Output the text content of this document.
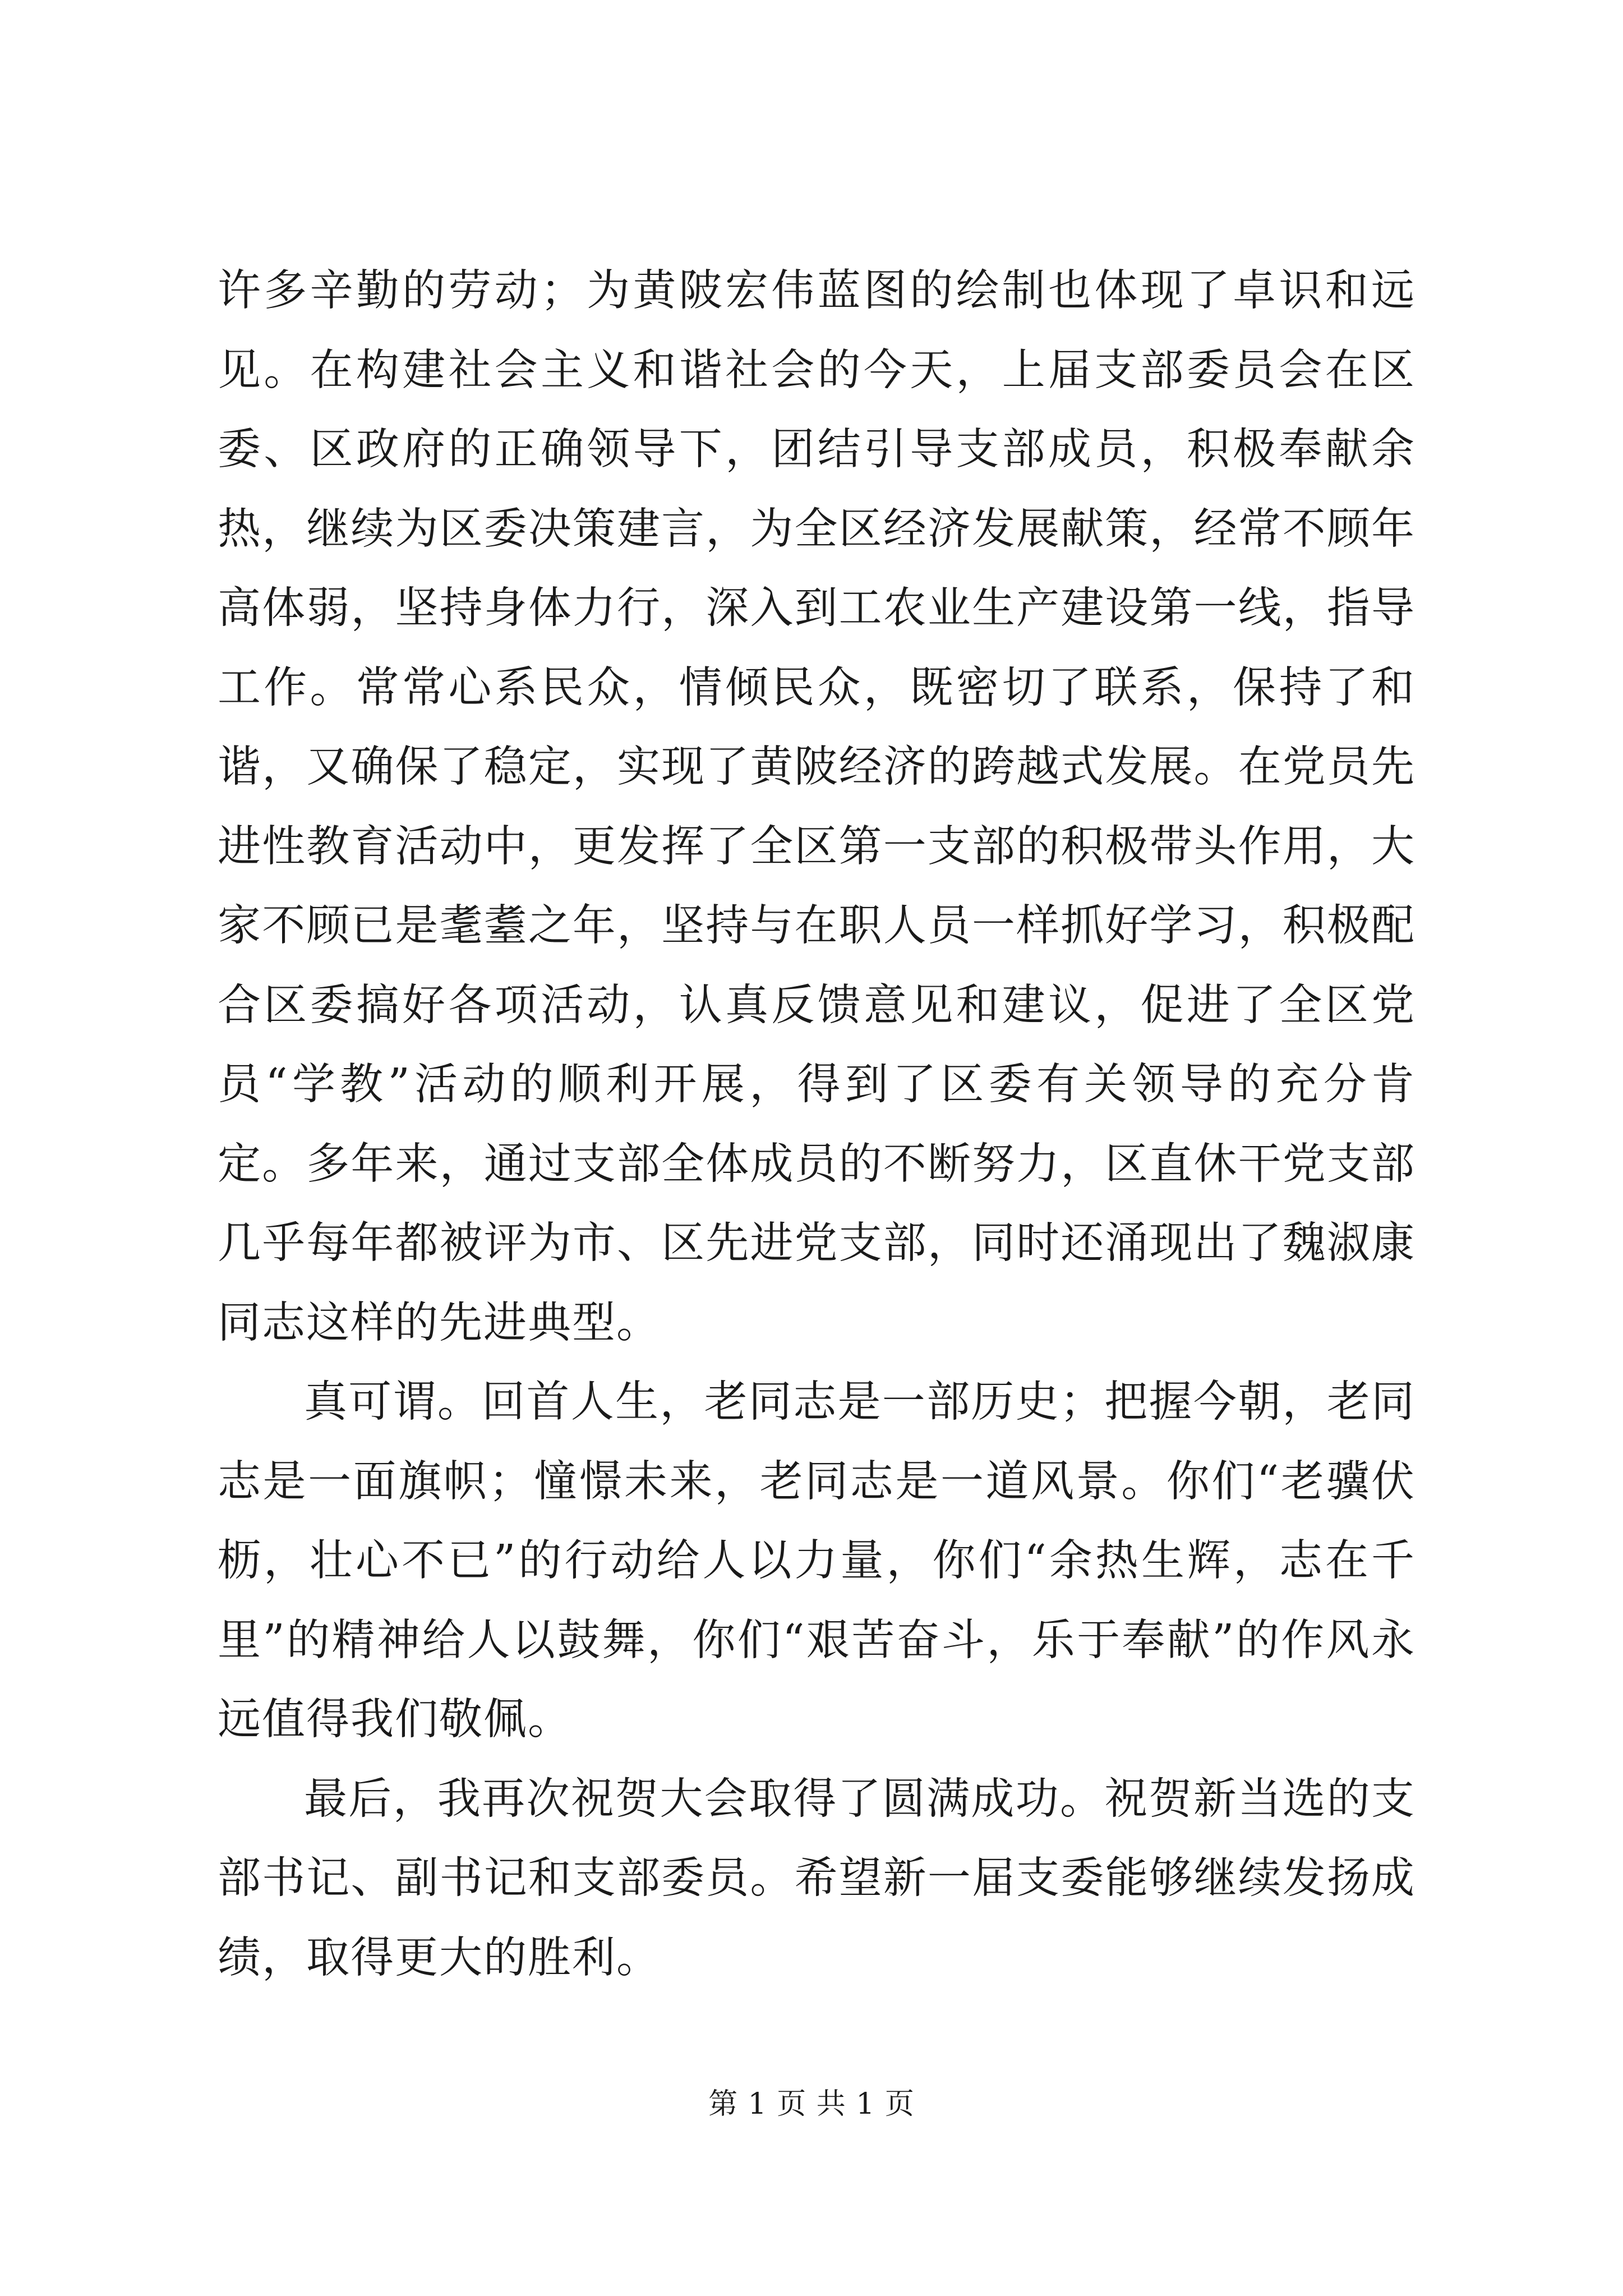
许多辛勤的劳动；为黄陂宏伟蓝图的绘制也体现了卓识和远见。在构建社会主义和谐社会的今天，上届支部委员会在区委、区政府的正确领导下，团结引导支部成员，积极奉献余热，继续为区委决策建言，为全区经济发展献策，经常不顾年高体弱，坚持身体力行，深入到工农业生产建设第一线，指导工作。常常心系民众，情倾民众，既密切了联系，保持了和谐，又确保了稳定，实现了黄陂经济的跨越式发展。在党员先进性教育活动中，更发挥了全区第一支部的积极带头作用，大家不顾已是耄耋之年，坚持与在职人员一样抓好学习，积极配合区委搞好各项活动，认真反馈意见和建议，促进了全区党员“学教”活动的顺利开展，得到了区委有关领导的充分肯定。多年来，通过支部全体成员的不断努力，区直休干党支部几乎每年都被评为市、区先进党支部，同时还涌现出了魏淑康同志这样的先进典型。

真可谓。回首人生，老同志是一部历史；把握今朝，老同志是一面旗帜；憧憬未来，老同志是一道风景。你们“老骥伏枥，壮心不已”的行动给人以力量，你们“余热生辉，志在千里”的精神给人以鼓舞，你们“艰苦奋斗，乐于奉献”的作风永远值得我们敬佩。

最后，我再次祝贺大会取得了圆满成功。祝贺新当选的支部书记、副书记和支部委员。希望新一届支委能够继续发扬成绩，取得更大的胜利。

第 1 页 共 1 页
